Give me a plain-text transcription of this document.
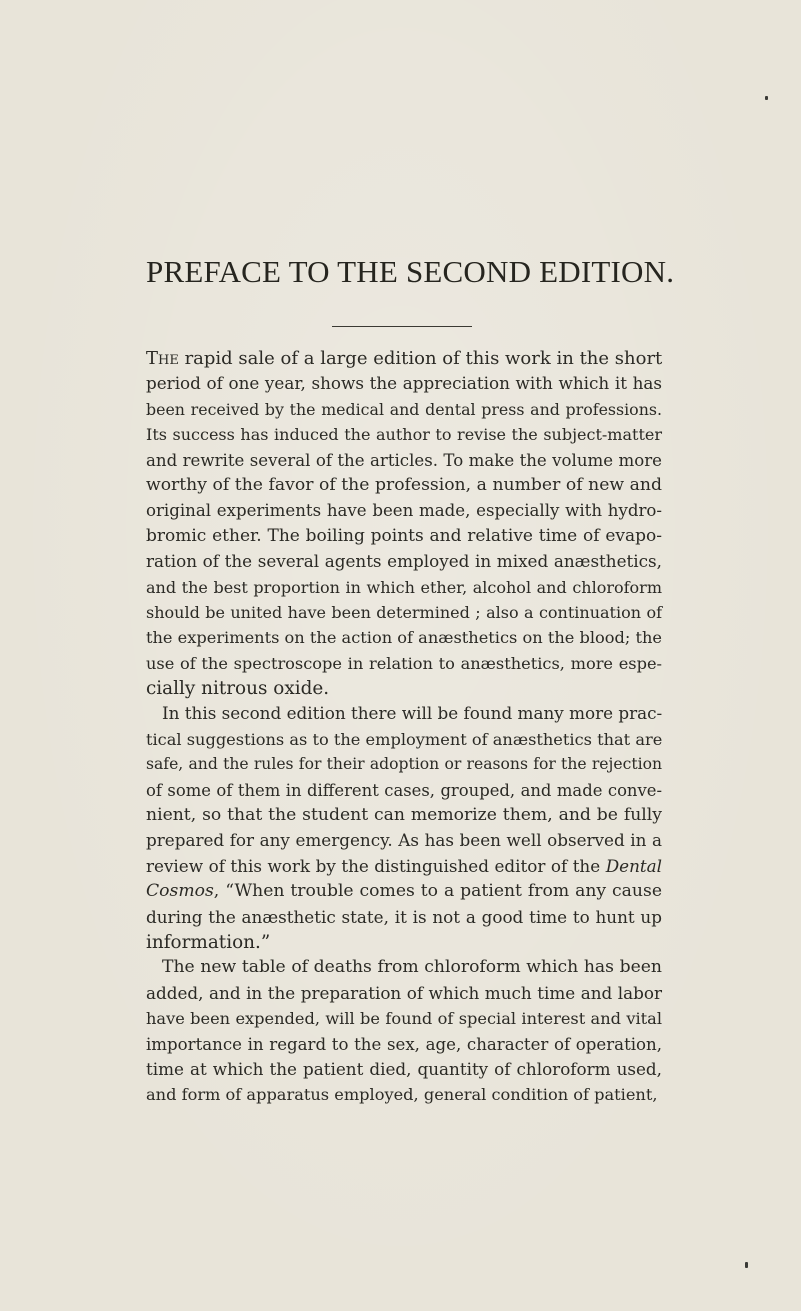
PREFACE TO THE SECOND EDITION.
The rapid sale of a large edition of this work in the short
period of one year, shows the appreciation with which it has
been received by the medical and dental press and professions.
Its success has induced the author to revise the subject-matter
and rewrite several of the articles. To make the volume more
worthy of the favor of the profession, a number of new and
original experiments have been made, especially with hydro-
bromic ether. The boiling points and relative time of evapo-
ration of the several agents employed in mixed anæsthetics,
and the best proportion in which ether, alcohol and chloroform
should be united have been determined ; also a continuation of
the experiments on the action of anæsthetics on the blood; the
use of the spectroscope in relation to anæsthetics, more espe-
cially nitrous oxide.
In this second edition there will be found many more prac-
tical suggestions as to the employment of anæsthetics that are
safe, and the rules for their adoption or reasons for the rejection
of some of them in different cases, grouped, and made conve-
nient, so that the student can memorize them, and be fully
prepared for any emergency. As has been well observed in a
review of this work by the distinguished editor of the Dental
Cosmos, “When trouble comes to a patient from any cause
during the anæsthetic state, it is not a good time to hunt up
information.”
The new table of deaths from chloroform which has been
added, and in the preparation of which much time and labor
have been expended, will be found of special interest and vital
importance in regard to the sex, age, character of operation,
time at which the patient died, quantity of chloroform used,
and form of apparatus employed, general condition of patient,
